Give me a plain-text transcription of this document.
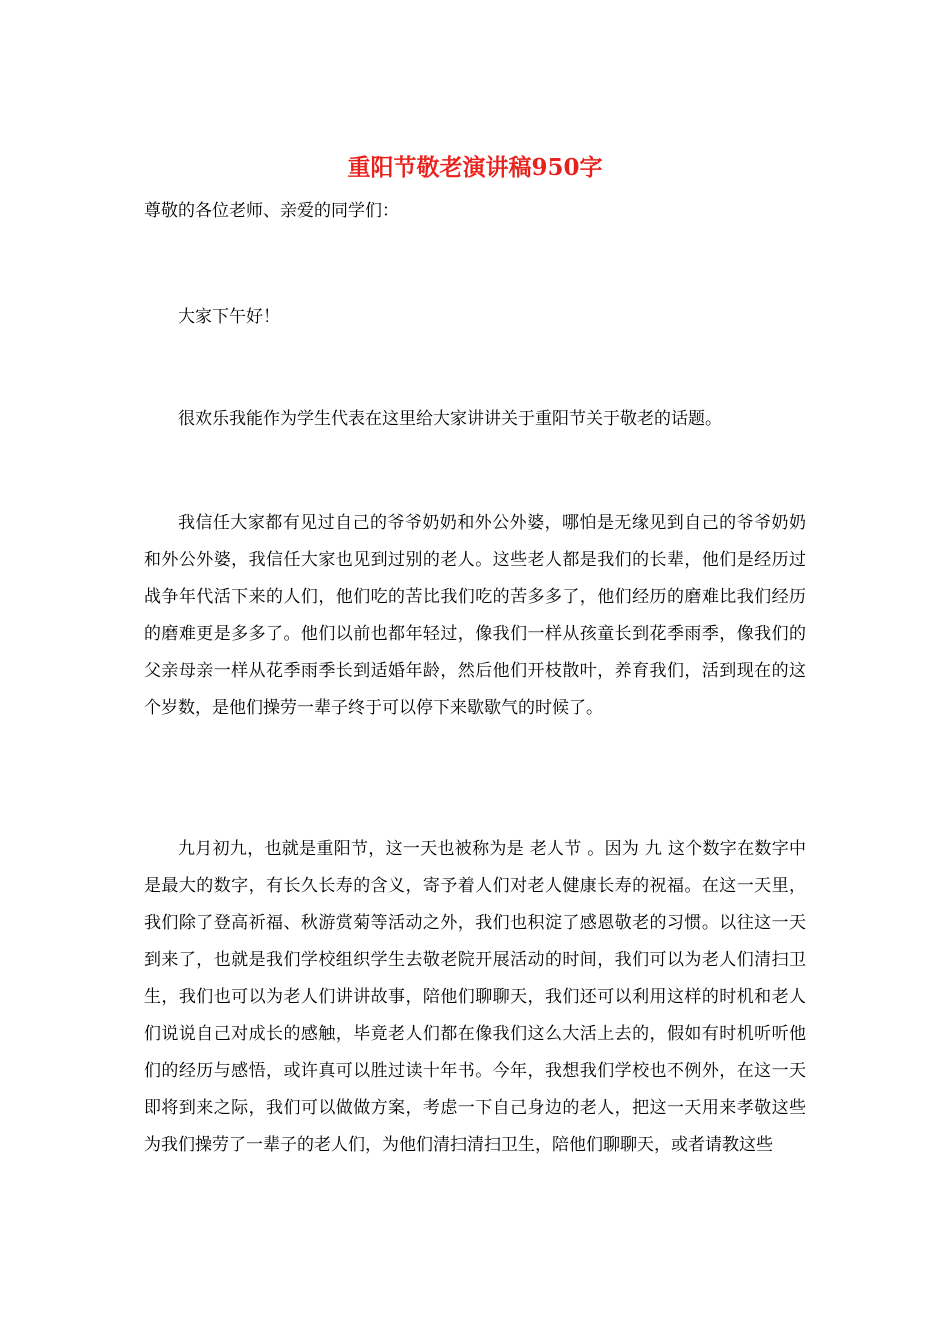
重阳节敬老演讲稿950字
尊敬的各位老师、亲爱的同学们：

大家下午好！

很欢乐我能作为学生代表在这里给大家讲讲关于重阳节关于敬老的话题。

我信任大家都有见过自己的爷爷奶奶和外公外婆，哪怕是无缘见到自己的爷爷奶奶和外公外婆，我信任大家也见到过别的老人。这些老人都是我们的长辈，他们是经历过战争年代活下来的人们，他们吃的苦比我们吃的苦多多了，他们经历的磨难比我们经历的磨难更是多多了。他们以前也都年轻过，像我们一样从孩童长到花季雨季，像我们的父亲母亲一样从花季雨季长到适婚年龄，然后他们开枝散叶，养育我们，活到现在的这个岁数，是他们操劳一辈子终于可以停下来歇歇气的时候了。

九月初九，也就是重阳节，这一天也被称为是 老人节 。因为 九 这个数字在数字中是最大的数字，有长久长寿的含义，寄予着人们对老人健康长寿的祝福。在这一天里，我们除了登高祈福、秋游赏菊等活动之外，我们也积淀了感恩敬老的习惯。以往这一天到来了，也就是我们学校组织学生去敬老院开展活动的时间，我们可以为老人们清扫卫生，我们也可以为老人们讲讲故事，陪他们聊聊天，我们还可以利用这样的时机和老人们说说自己对成长的感触，毕竟老人们都在像我们这么大活上去的，假如有时机听听他们的经历与感悟，或许真可以胜过读十年书。今年，我想我们学校也不例外，在这一天即将到来之际，我们可以做做方案，考虑一下自己身边的老人，把这一天用来孝敬这些为我们操劳了一辈子的老人们，为他们清扫清扫卫生，陪他们聊聊天，或者请教这些
